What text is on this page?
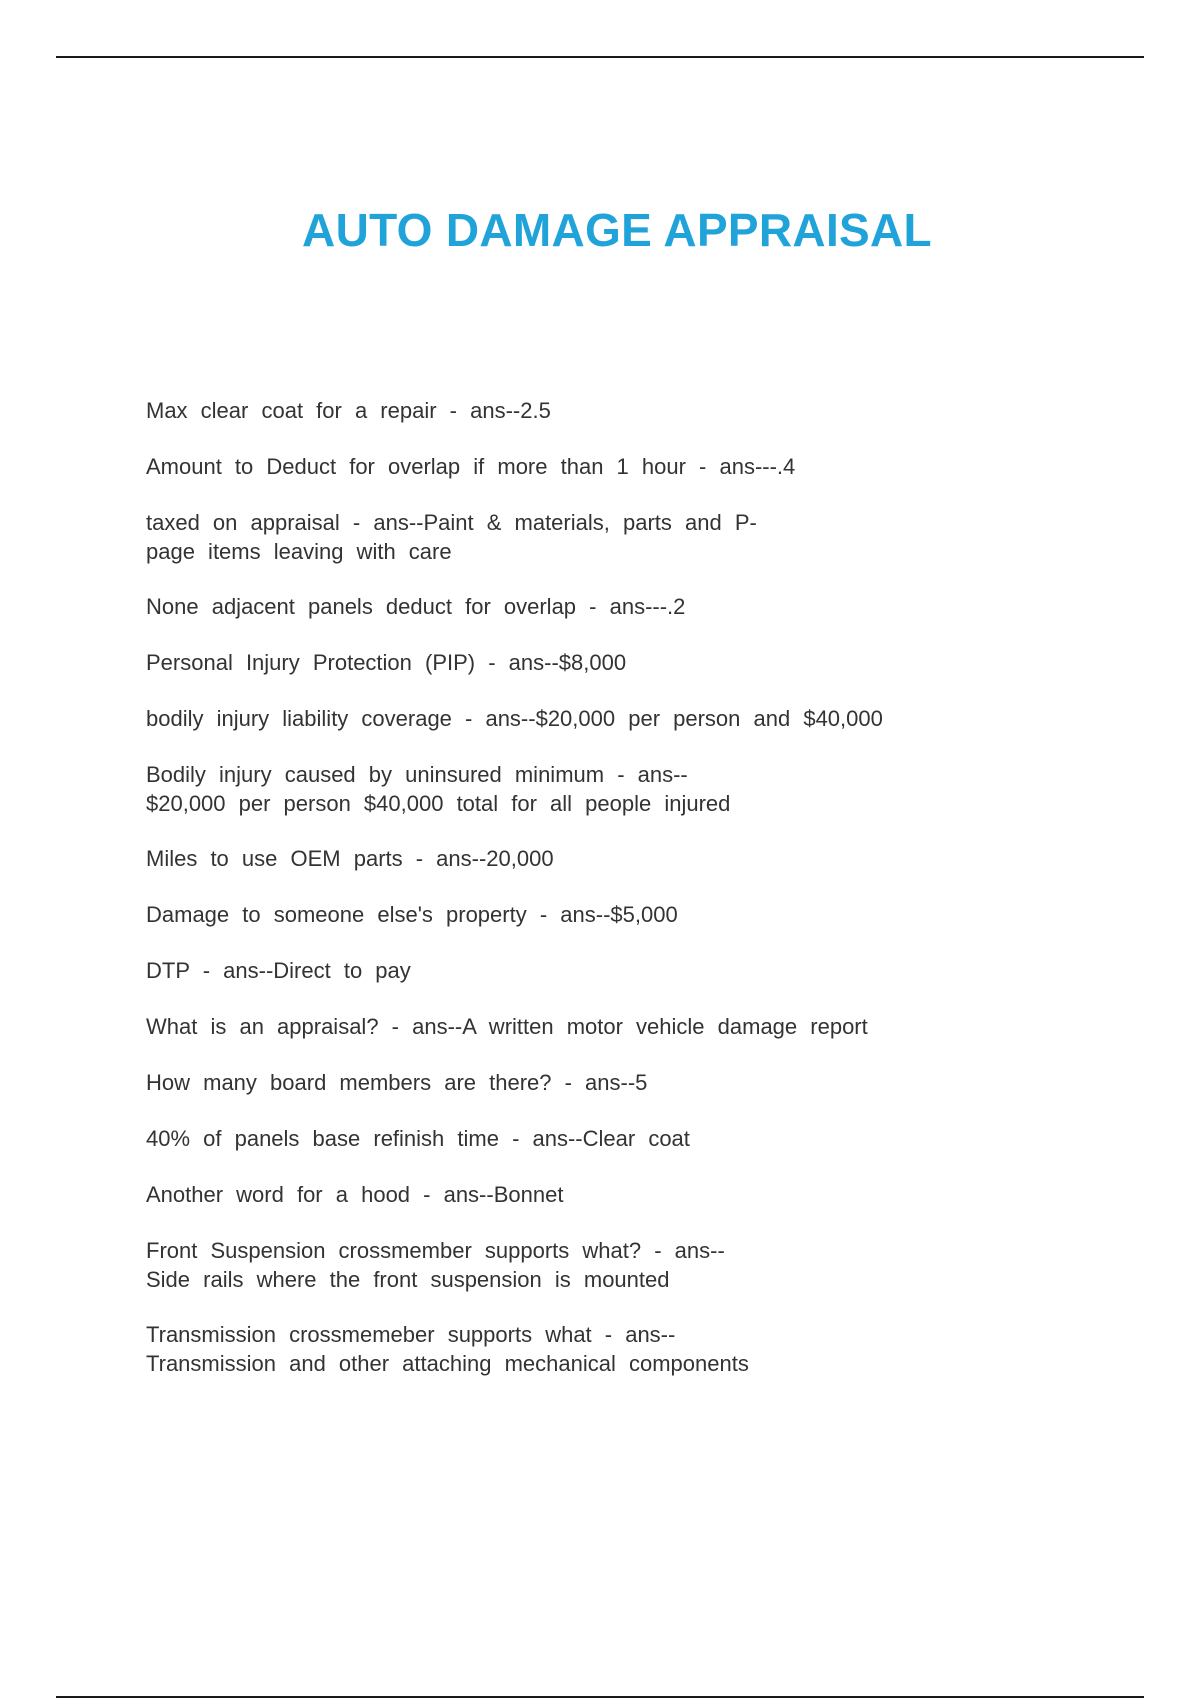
AUTO DAMAGE APPRAISAL
Max clear coat for a repair - ans--2.5
Amount to Deduct for overlap if more than 1 hour - ans---.4
taxed on appraisal - ans--Paint & materials, parts and P-
page items leaving with care
None adjacent panels deduct for overlap - ans---.2
Personal Injury Protection (PIP) - ans--$8,000
bodily injury liability coverage - ans--$20,000 per person and $40,000
Bodily injury caused by uninsured minimum - ans--
$20,000 per person $40,000 total for all people injured
Miles to use OEM parts - ans--20,000
Damage to someone else's property - ans--$5,000
DTP - ans--Direct to pay
What is an appraisal? - ans--A written motor vehicle damage report
How many board members are there? - ans--5
40% of panels base refinish time - ans--Clear coat
Another word for a hood - ans--Bonnet
Front Suspension crossmember supports what? - ans--
Side rails where the front suspension is mounted
Transmission crossmemeber supports what - ans--
Transmission and other attaching mechanical components
